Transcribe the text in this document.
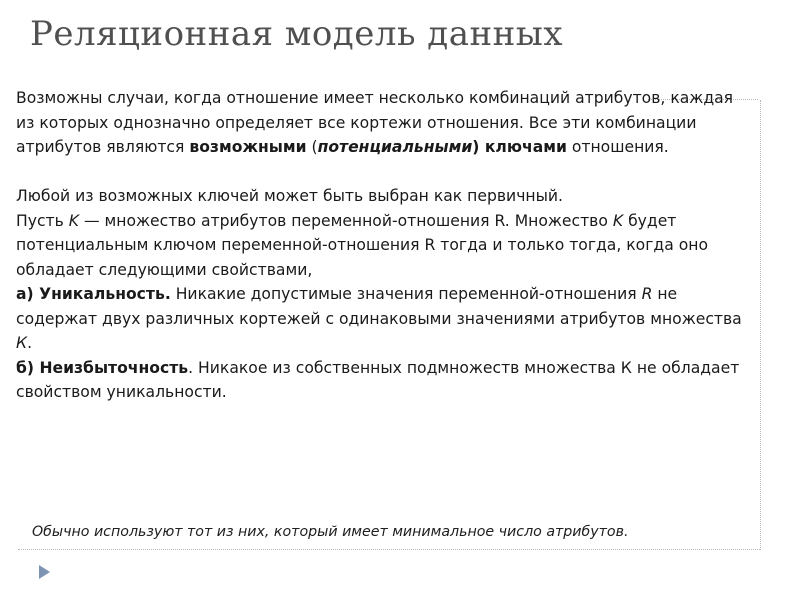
Реляционная модель данных

Возможны случаи, когда отношение имеет несколько комбинаций атрибутов, каждая из которых однозначно определяет все кортежи отношения. Все эти комбинации атрибутов являются возможными (потенциальными) ключами отношения.

Любой из возможных ключей может быть выбран как первичный.

Пусть K — множество атрибутов переменной-отношения R. Множество K будет потенциальным ключом переменной-отношения R тогда и только тогда, когда оно обладает следующими свойствами,

а) Уникальность. Никакие допустимые значения переменной-отношения R не содержат двух различных кортежей с одинаковыми значениями атрибутов множества К.

б) Неизбыточность. Никакое из собственных подмножеств множества К не обладает свойством уникальности.

Обычно используют тот из них, который имеет минимальное число атрибутов.
